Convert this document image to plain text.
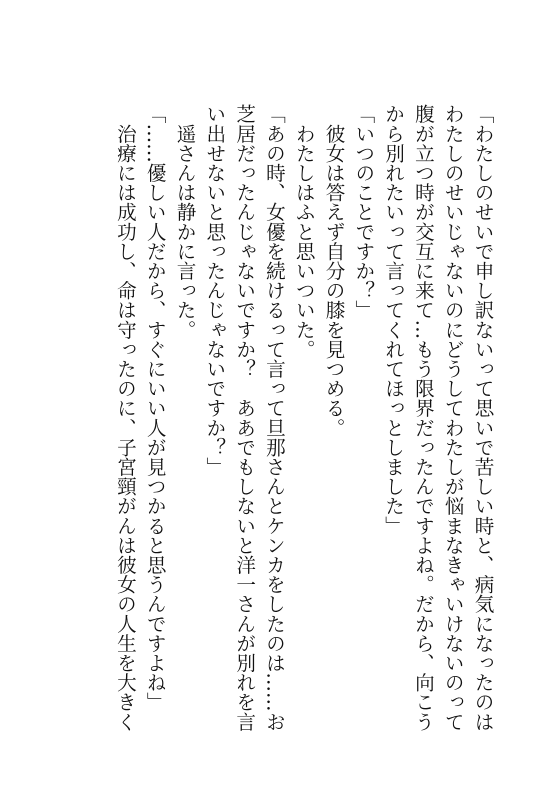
「わたしのせいで申し訳ないって思いで苦しい時と、病気になったのは
わたしのせいじゃないのにどうしてわたしが悩まなきゃいけないのって
腹が立つ時が交互に来て…もう限界だったんですよね。だから、向こう
から別れたいって言ってくれてほっとしました」
「いつのことですか？」
　彼女は答えず自分の膝を見つめる。
　わたしはふと思いついた。
「あの時、女優を続けるって言って旦那さんとケンカをしたのは……お
芝居だったんじゃないですか？　ああでもしないと洋一さんが別れを言
い出せないと思ったんじゃないですか？」
　遥さんは静かに言った。
「……優しい人だから、すぐにいい人が見つかると思うんですよね」
　治療には成功し、命は守ったのに、子宮頸がんは彼女の人生を大きく
